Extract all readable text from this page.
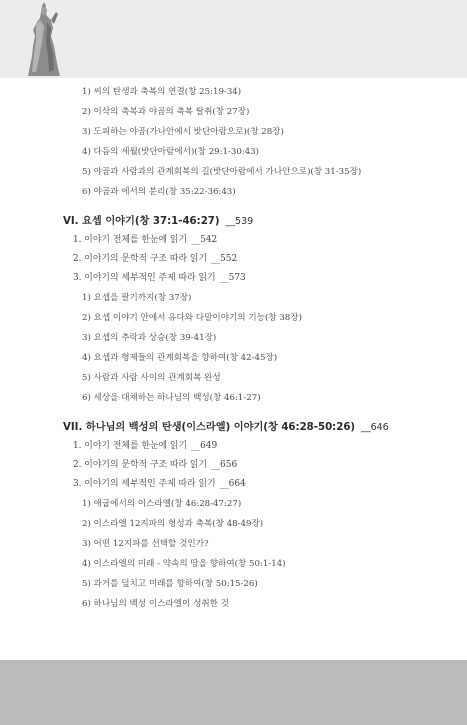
1) 씨의 탄생과 축복의 연결(창 25:19-34)
2) 이삭의 축복과 야곱의 축복 탈취(창 27장)
3) 도피하는 야곱(가나안에서 밧단아람으로)(창 28장)
4) 다듬의 세월(밧단아람에서)(창 29:1-30:43)
5) 야곱과 사람과의 관계회복의 길(밧단아람에서 가나안으로)(창 31-35장)
6) 야곱과 에서의 분리(창 35:22-36:43)
VI. 요셉 이야기(창 37:1-46:27) __539
1. 이야기 전체를 한눈에 읽기 __542
2. 이야기의 문학적 구조 따라 읽기 __552
3. 이야기의 세부적인 주제 따라 읽기 __573
1) 요셉을 팔기까지(창 37장)
2) 요셉 이야기 안에서 유다와 다말이야기의 기능(창 38장)
3) 요셉의 추락과 상승(창 39-41장)
4) 요셉과 형제들의 관계회복을 향하여(창 42-45장)
5) 사람과 사람 사이의 관계회복 완성
6) 세상을 대채하는 하나님의 백성(창 46:1-27)
VII. 하나님의 백성의 탄생(이스라엘) 이야기(창 46:28-50:26) __646
1. 이야기 전체를 한눈에 읽기 __649
2. 이야기의 문학적 구조 따라 읽기 __656
3. 이야기의 세부적인 주제 따라 읽기 __664
1) 애굽에서의 이스라엘(창 46:28-47:27)
2) 이스라엘 12지파의 형성과 축복(창 48-49장)
3) 어떤 12지파를 선택할 것인가?
4) 이스라엘의 미래 - 약속의 땅을 향하여(창 50:1-14)
5) 과거를 덮치고 미래를 향하여(창 50:15-26)
6) 하나님의 백성 이스라엘이 성취한 것
